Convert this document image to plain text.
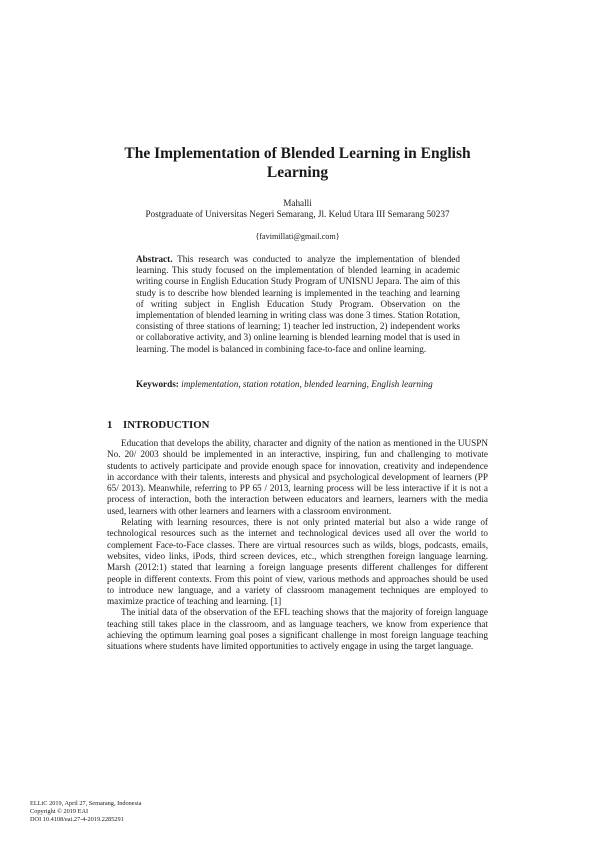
The Implementation of Blended Learning in English Learning
Mahalli
Postgraduate of Universitas Negeri Semarang, Jl. Kelud Utara III Semarang 50237
{favimillati@gmail.com}

Abstract. This research was conducted to analyze the implementation of blended learning. This study focused on the implementation of blended learning in academic writing course in English Education Study Program of UNISNU Jepara. The aim of this study is to describe how blended learning is implemented in the teaching and learning of writing subject in English Education Study Program. Observation on the implementation of blended learning in writing class was done 3 times. Station Rotation, consisting of three stations of learning; 1) teacher led instruction, 2) independent works or collaborative activity, and 3) online learning is blended learning model that is used in learning. The model is balanced in combining face-to-face and online learning.

Keywords: implementation, station rotation, blended learning, English learning

1 INTRODUCTION

Education that develops the ability, character and dignity of the nation as mentioned in the UUSPN No. 20/ 2003 should be implemented in an interactive, inspiring, fun and challenging to motivate students to actively participate and provide enough space for innovation, creativity and independence in accordance with their talents, interests and physical and psychological development of learners (PP 65/ 2013). Meanwhile, referring to PP 65 / 2013, learning process will be less interactive if it is not a process of interaction, both the interaction between educators and learners, learners with the media used, learners with other learners and learners with a classroom environment.

Relating with learning resources, there is not only printed material but also a wide range of technological resources such as the internet and technological devices used all over the world to complement Face-to-Face classes. There are virtual resources such as wilds, blogs, podcasts, emails, websites, video links, iPods, third screen devices, etc., which strengthen foreign language learning. Marsh (2012:1) stated that learning a foreign language presents different challenges for different people in different contexts. From this point of view, various methods and approaches should be used to introduce new language, and a variety of classroom management techniques are employed to maximize practice of teaching and learning. [1]

The initial data of the observation of the EFL teaching shows that the majority of foreign language teaching still takes place in the classroom, and as language teachers, we know from experience that achieving the optimum learning goal poses a significant challenge in most foreign language teaching situations where students have limited opportunities to actively engage in using the target language.

ELLiC 2019, April 27, Semarang, Indonesia
Copyright © 2019 EAI
DOI 10.4108/eai.27-4-2019.2285291
